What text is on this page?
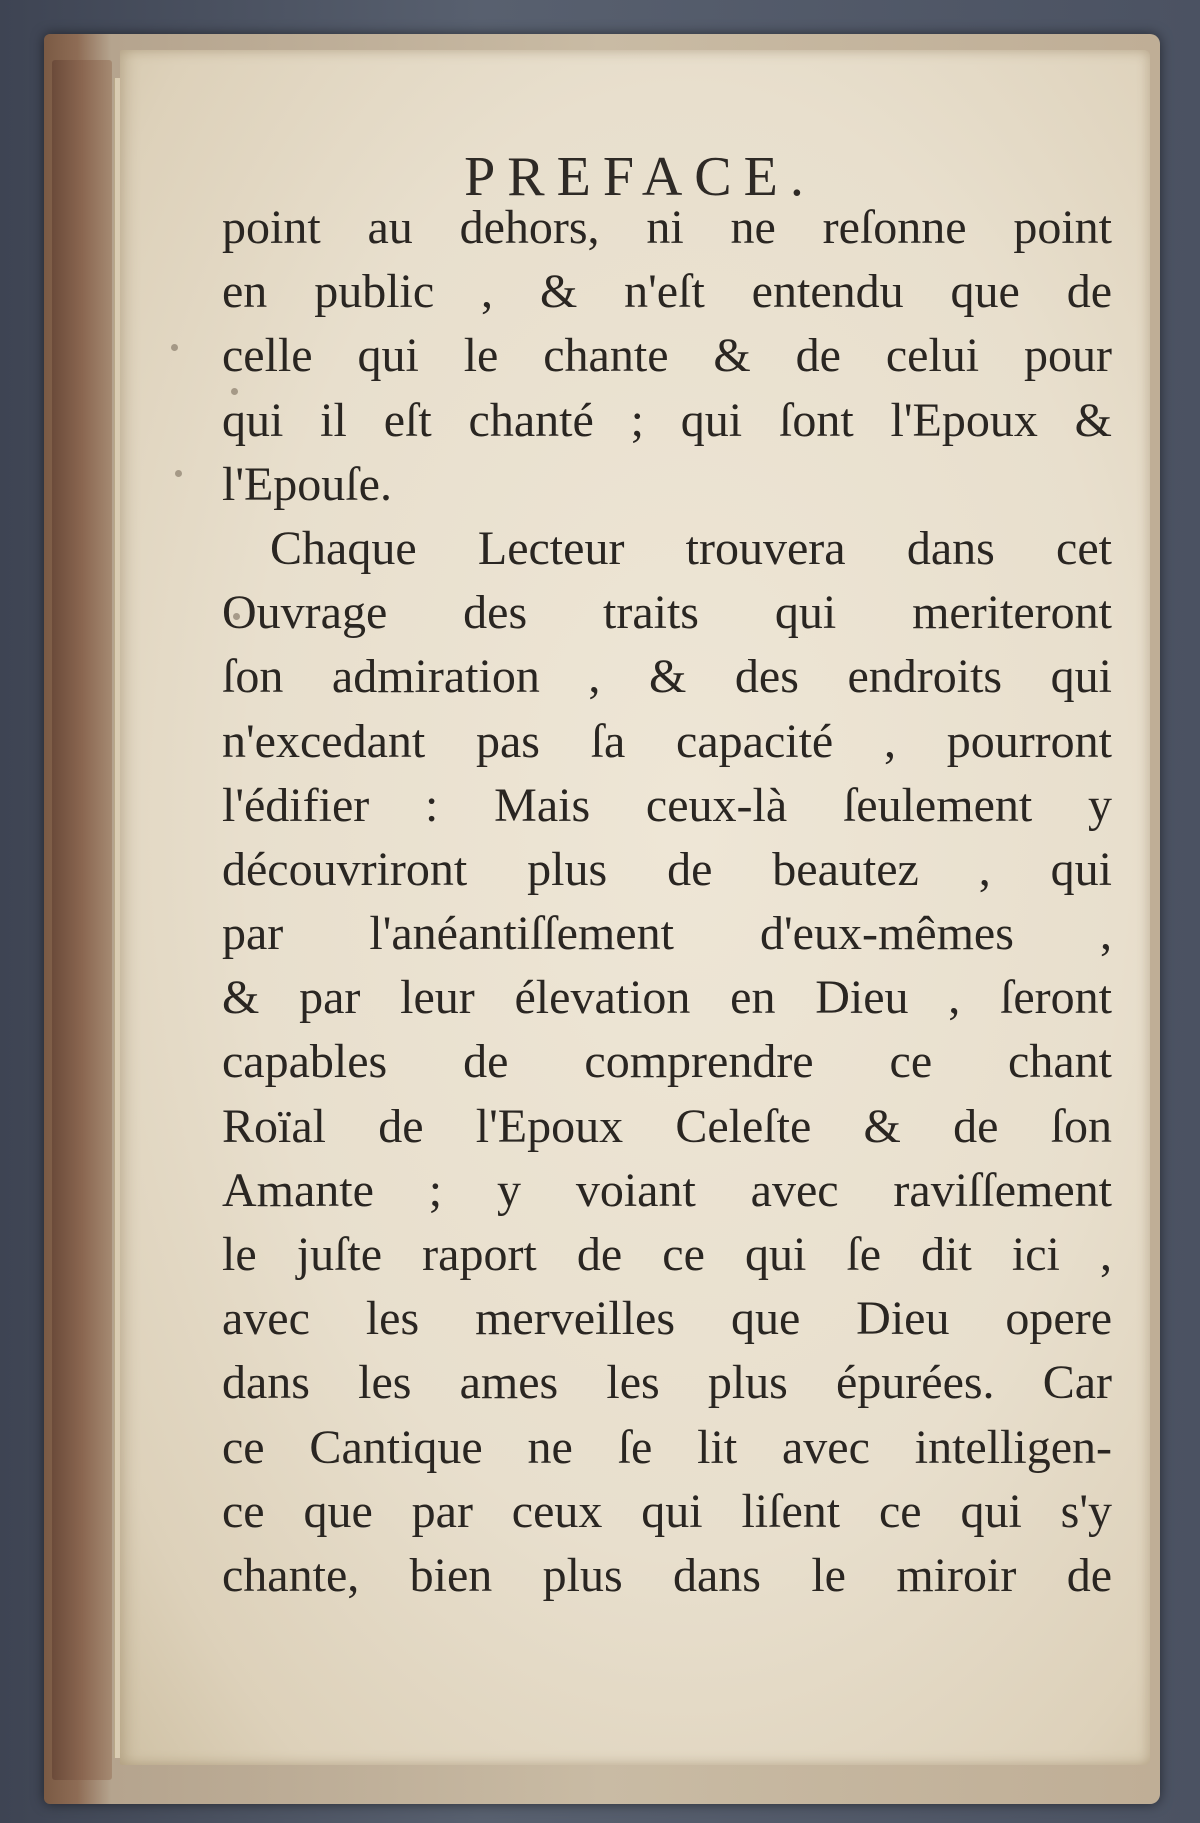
PREFACE.
point au dehors, ni ne reſonne point
en public , & n'eſt entendu que de
celle qui le chante & de celui pour
qui il eſt chanté ; qui ſont l'Epoux &
l'Epouſe.
Chaque Lecteur trouvera dans cet
Ouvrage des traits qui meriteront
ſon admiration , & des endroits qui
n'excedant pas ſa capacité , pourront
l'édifier : Mais ceux-là ſeulement y
découvriront plus de beautez , qui
par l'anéantiſſement d'eux-mêmes ,
& par leur élevation en Dieu , ſeront
capables de comprendre ce chant
Roïal de l'Epoux Celeſte & de ſon
Amante ; y voiant avec raviſſement
le juſte raport de ce qui ſe dit ici ,
avec les merveilles que Dieu opere
dans les ames les plus épurées. Car
ce Cantique ne ſe lit avec intelligen-
ce que par ceux qui liſent ce qui s'y
chante, bien plus dans le miroir de
